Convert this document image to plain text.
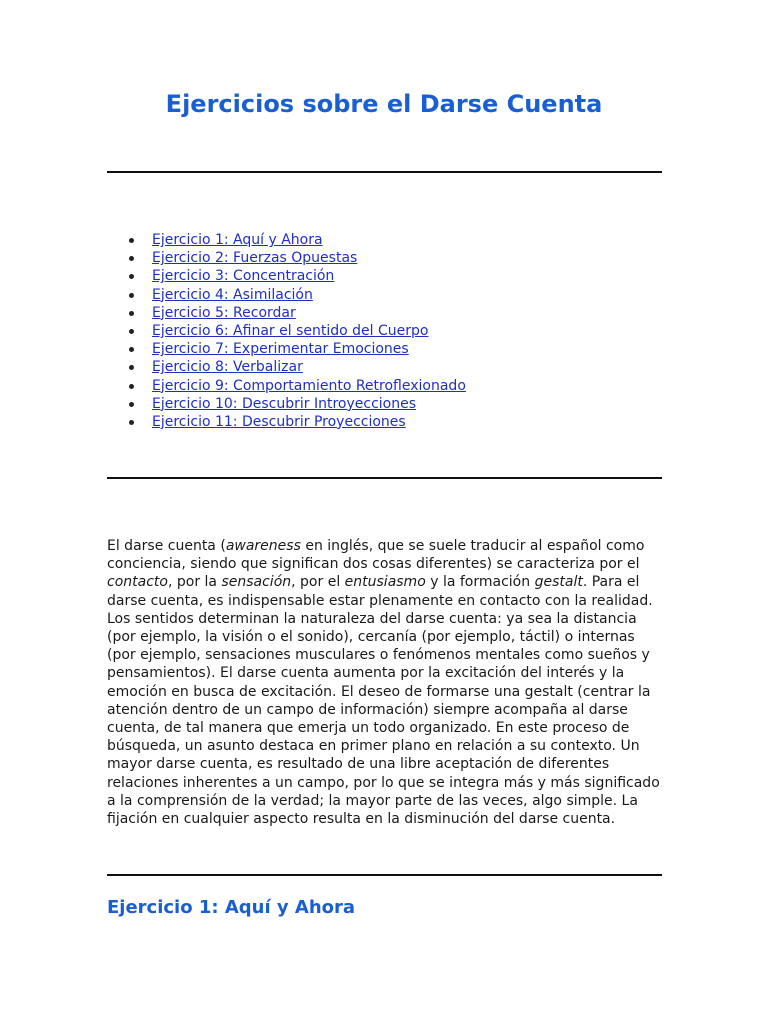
Ejercicios sobre el Darse Cuenta
Ejercicio 1: Aquí y Ahora
Ejercicio 2: Fuerzas Opuestas
Ejercicio 3: Concentración
Ejercicio 4: Asimilación
Ejercicio 5: Recordar
Ejercicio 6: Afinar el sentido del Cuerpo
Ejercicio 7: Experimentar Emociones
Ejercicio 8: Verbalizar
Ejercicio 9: Comportamiento Retroflexionado
Ejercicio 10: Descubrir Introyecciones
Ejercicio 11: Descubrir Proyecciones

El darse cuenta (awareness en inglés, que se suele traducir al español como conciencia, siendo que significan dos cosas diferentes) se caracteriza por el contacto, por la sensación, por el entusiasmo y la formación gestalt. Para el darse cuenta, es indispensable estar plenamente en contacto con la realidad. Los sentidos determinan la naturaleza del darse cuenta: ya sea la distancia (por ejemplo, la visión o el sonido), cercanía (por ejemplo, táctil) o internas (por ejemplo, sensaciones musculares o fenómenos mentales como sueños y pensamientos). El darse cuenta aumenta por la excitación del interés y la emoción en busca de excitación. El deseo de formarse una gestalt (centrar la atención dentro de un campo de información) siempre acompaña al darse cuenta, de tal manera que emerja un todo organizado. En este proceso de búsqueda, un asunto destaca en primer plano en relación a su contexto. Un mayor darse cuenta, es resultado de una libre aceptación de diferentes relaciones inherentes a un campo, por lo que se integra más y más significado a la comprensión de la verdad; la mayor parte de las veces, algo simple. La fijación en cualquier aspecto resulta en la disminución del darse cuenta.

Ejercicio 1: Aquí y Ahora
